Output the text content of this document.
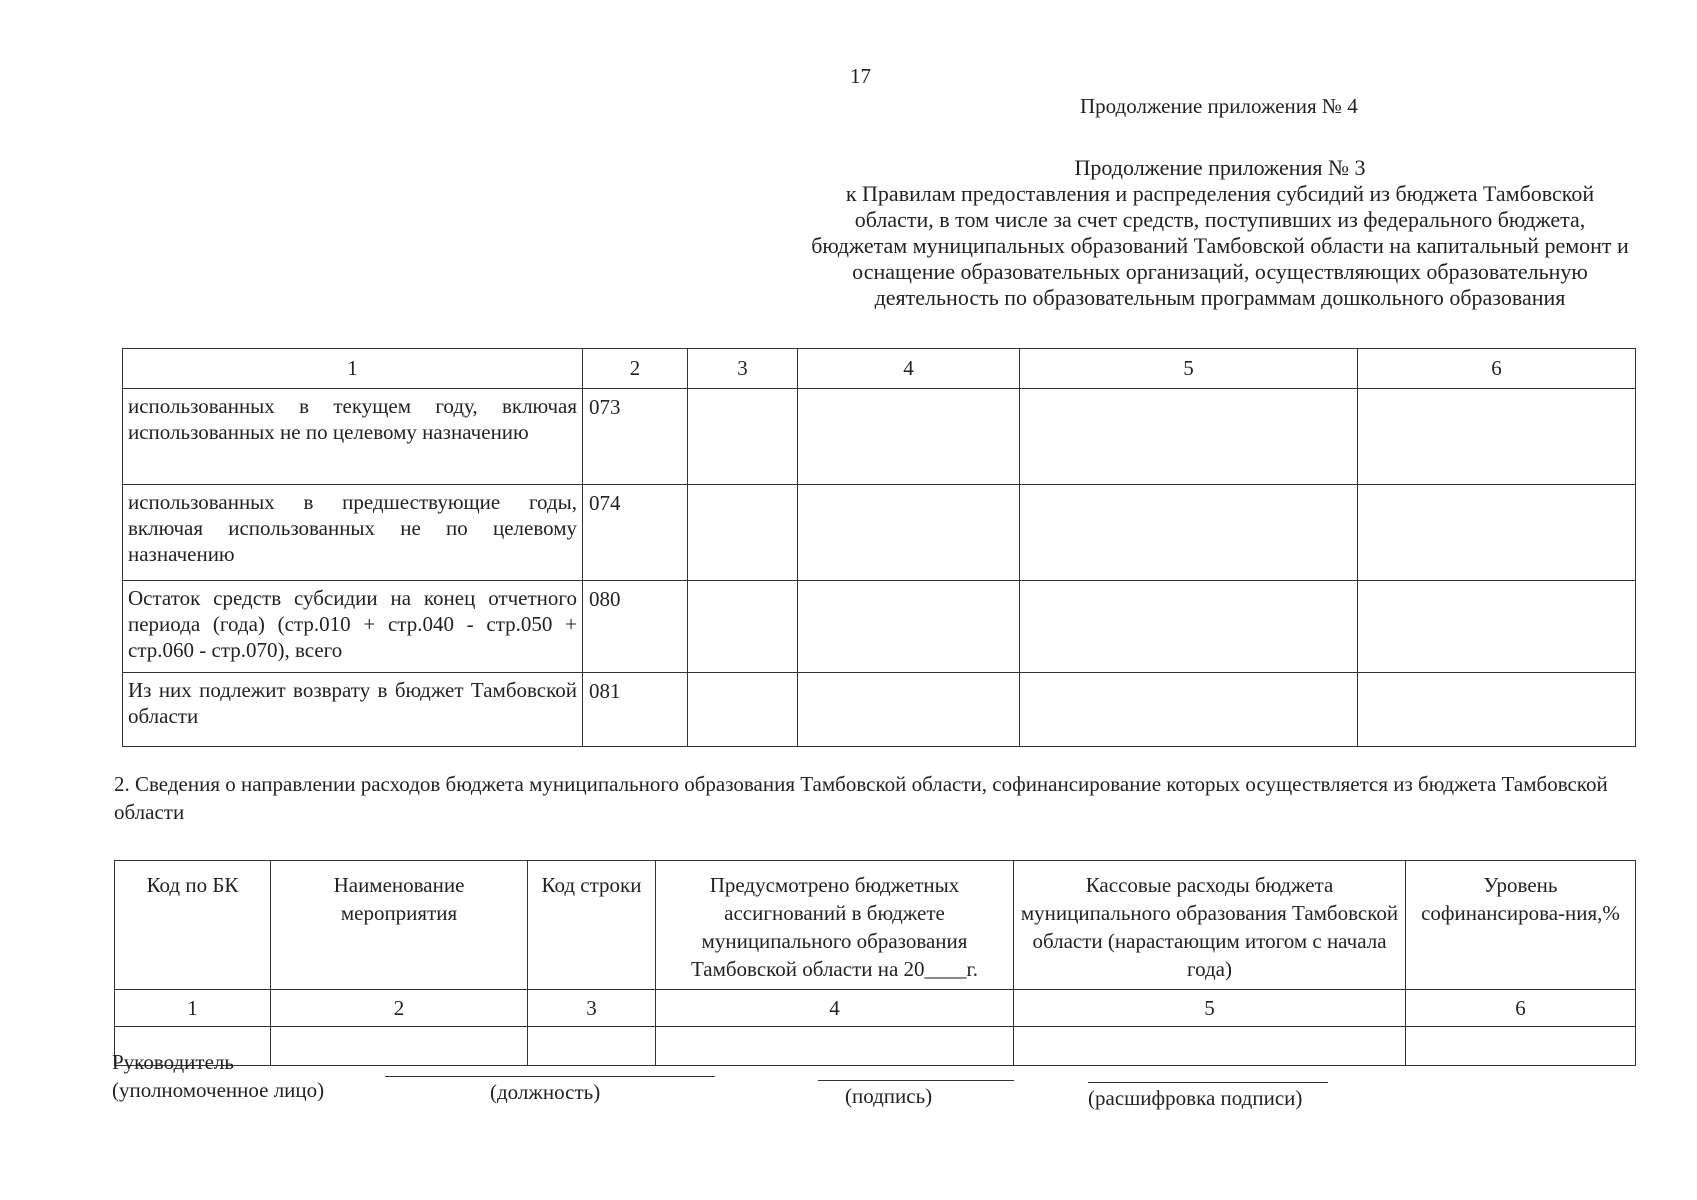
17
Продолжение приложения № 4
Продолжение приложения № 3
к Правилам предоставления и распределения субсидий из бюджета Тамбовской
области, в том числе за счет средств, поступивших из федерального бюджета,
бюджетам муниципальных образований Тамбовской области на капитальный ремонт и
оснащение образовательных организаций, осуществляющих образовательную
деятельность по образовательным программам дошкольного образования
1	2	3	4	5	6
использованных в текущем году, включая использованных не по целевому назначению	073				
использованных в предшествующие годы, включая использованных не по целевому назначению	074				
Остаток средств субсидии на конец отчетного периода (года) (стр.010 + стр.040 - стр.050 + стр.060 - стр.070), всего	080				
Из них подлежит возврату в бюджет Тамбовской области	081				
2. Сведения о направлении расходов бюджета муниципального образования Тамбовской области, софинансирование которых осуществляется из бюджета Тамбовской области
Код по БК	Наименование мероприятия	Код строки	Предусмотрено бюджетных ассигнований в бюджете муниципального образования Тамбовской области на 20____г.	Кассовые расходы бюджета муниципального образования Тамбовской области (нарастающим итогом с начала года)	Уровень софинансирова-ния,%
1	2	3	4	5	6

Руководитель
(уполномоченное лицо)	(должность)	(подпись)	(расшифровка подписи)
